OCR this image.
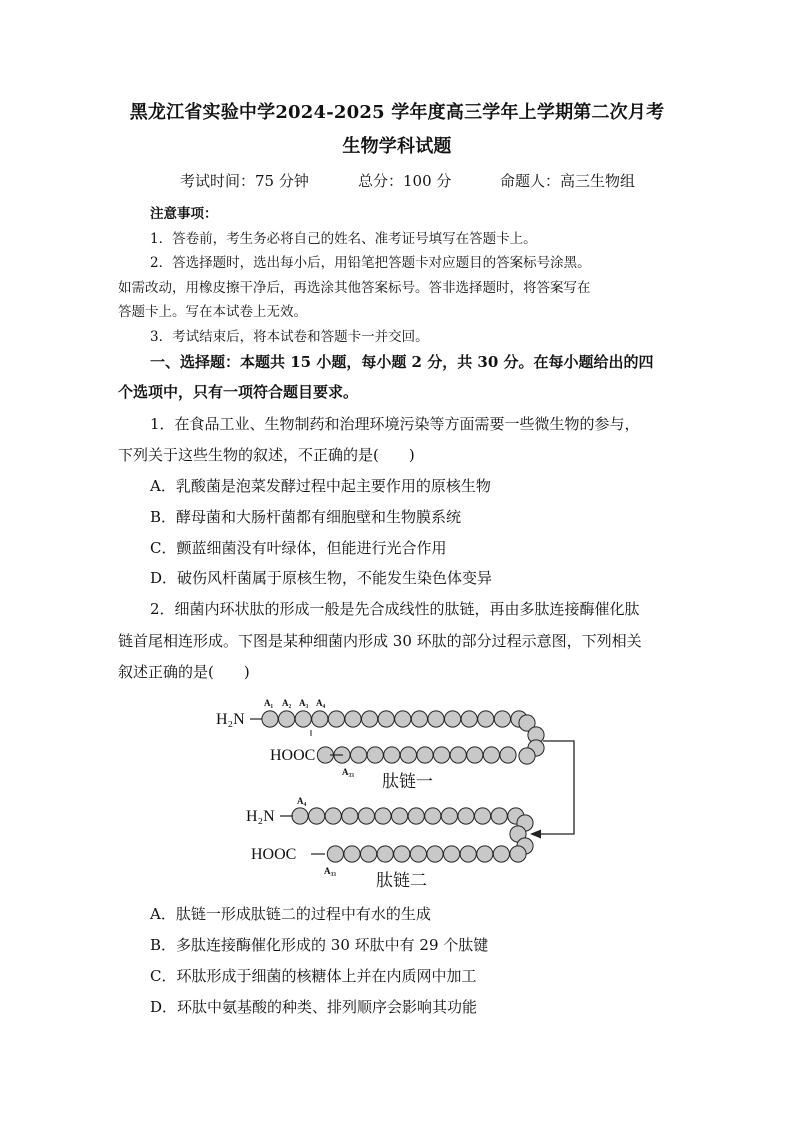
黑龙江省实验中学2024-2025 学年度高三学年上学期第二次月考
生物学科试题
考试时间：75 分钟	总分：100 分	命题人：高三生物组
注意事项：
1．答卷前，考生务必将自己的姓名、准考证号填写在答题卡上。
2．答选择题时，选出每小后，用铅笔把答题卡对应题目的答案标号涂黑。
如需改动，用橡皮擦干净后，再选涂其他答案标号。答非选择题时，将答案写在
答题卡上。写在本试卷上无效。
3．考试结束后，将本试卷和答题卡一并交回。
一、选择题：本题共 15 小题，每小题 2 分，共 30 分。在每小题给出的四
个选项中，只有一项符合题目要求。
1．在食品工业、生物制药和治理环境污染等方面需要一些微生物的参与，
下列关于这些生物的叙述，不正确的是(　　)
A．乳酸菌是泡菜发酵过程中起主要作用的原核生物
B．酵母菌和大肠杆菌都有细胞壁和生物膜系统
C．颤蓝细菌没有叶绿体，但能进行光合作用
D．破伤风杆菌属于原核生物，不能发生染色体变异
2．细菌内环状肽的形成一般是先合成线性的肽链，再由多肽连接酶催化肽
链首尾相连形成。下图是某种细菌内形成 30 环肽的部分过程示意图，下列相关
叙述正确的是(　　)
H₂N
A₁ A₂ A₃ A₄
HOOC
A₃₃ 肽链一
H₂N
A₄
HOOC
A₃₃ 肽链二
A．肽链一形成肽链二的过程中有水的生成
B．多肽连接酶催化形成的 30 环肽中有 29 个肽键
C．环肽形成于细菌的核糖体上并在内质网中加工
D．环肽中氨基酸的种类、排列顺序会影响其功能
